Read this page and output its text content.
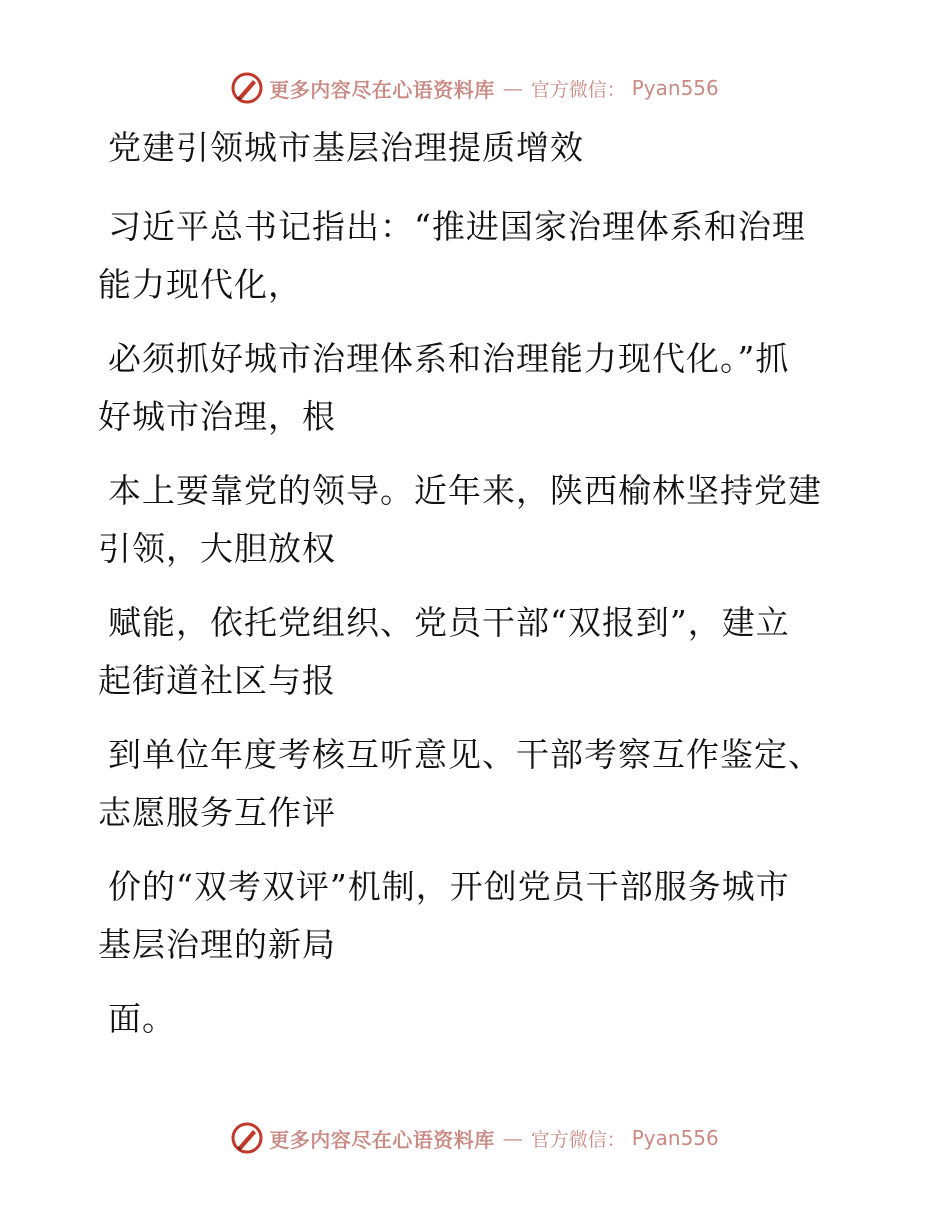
更多内容尽在心语资料库 — 官方微信： Pyan556
党建引领城市基层治理提质增效
习近平总书记指出：“推进国家治理体系和治理
能力现代化，
必须抓好城市治理体系和治理能力现代化。”抓
好城市治理，根
本上要靠党的领导。近年来，陕西榆林坚持党建
引领，大胆放权
赋能，依托党组织、党员干部“双报到”，建立
起街道社区与报
到单位年度考核互听意见、干部考察互作鉴定、
志愿服务互作评
价的“双考双评”机制，开创党员干部服务城市
基层治理的新局
面。
更多内容尽在心语资料库 — 官方微信： Pyan556
